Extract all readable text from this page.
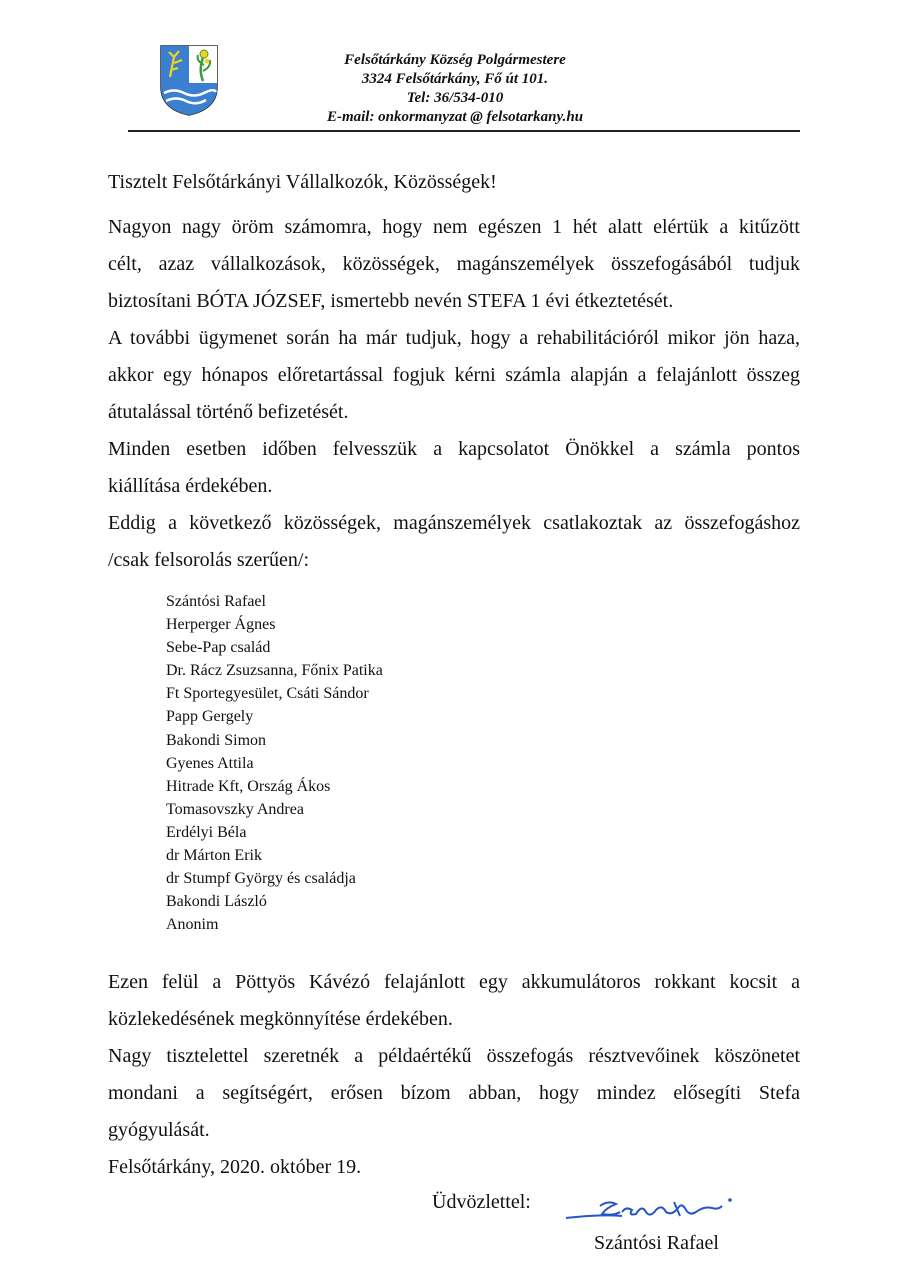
Felsőtárkány Község Polgármestere
3324 Felsőtárkány, Fő út 101.
Tel: 36/534-010
E-mail: onkormanyzat @ felsotarkany.hu

Tisztelt Felsőtárkányi Vállalkozók, Közösségek!

Nagyon nagy öröm számomra, hogy nem egészen 1 hét alatt elértük a kitűzött
célt, azaz vállalkozások, közösségek, magánszemélyek összefogásából tudjuk
biztosítani BÓTA JÓZSEF, ismertebb nevén STEFA 1 évi étkeztetését.
A további ügymenet során ha már tudjuk, hogy a rehabilitációról mikor jön haza,
akkor egy hónapos előretartással fogjuk kérni számla alapján a felajánlott összeg
átutalással történő befizetését.
Minden esetben időben felvesszük a kapcsolatot Önökkel a számla pontos
kiállítása érdekében.
Eddig a következő közösségek, magánszemélyek csatlakoztak az összefogáshoz
/csak felsorolás szerűen/:
Szántósi Rafael
Herperger Ágnes
Sebe-Pap család
Dr. Rácz Zsuzsanna, Főnix Patika
Ft Sportegyesület, Csáti Sándor
Papp Gergely
Bakondi Simon
Gyenes Attila
Hitrade Kft, Ország Ákos
Tomasovszky Andrea
Erdélyi Béla
dr Márton Erik
dr Stumpf György és családja
Bakondi László
Anonim
Ezen felül a Pöttyös Kávézó felajánlott egy akkumulátoros rokkant kocsit a
közlekedésének megkönnyítése érdekében.
Nagy tisztelettel szeretnék a példaértékű összefogás résztvevőinek köszönetet
mondani a segítségért, erősen bízom abban, hogy mindez elősegíti Stefa
gyógyulását.

Felsőtárkány, 2020. október 19.

Üdvözlettel:
Szántósi Rafael
